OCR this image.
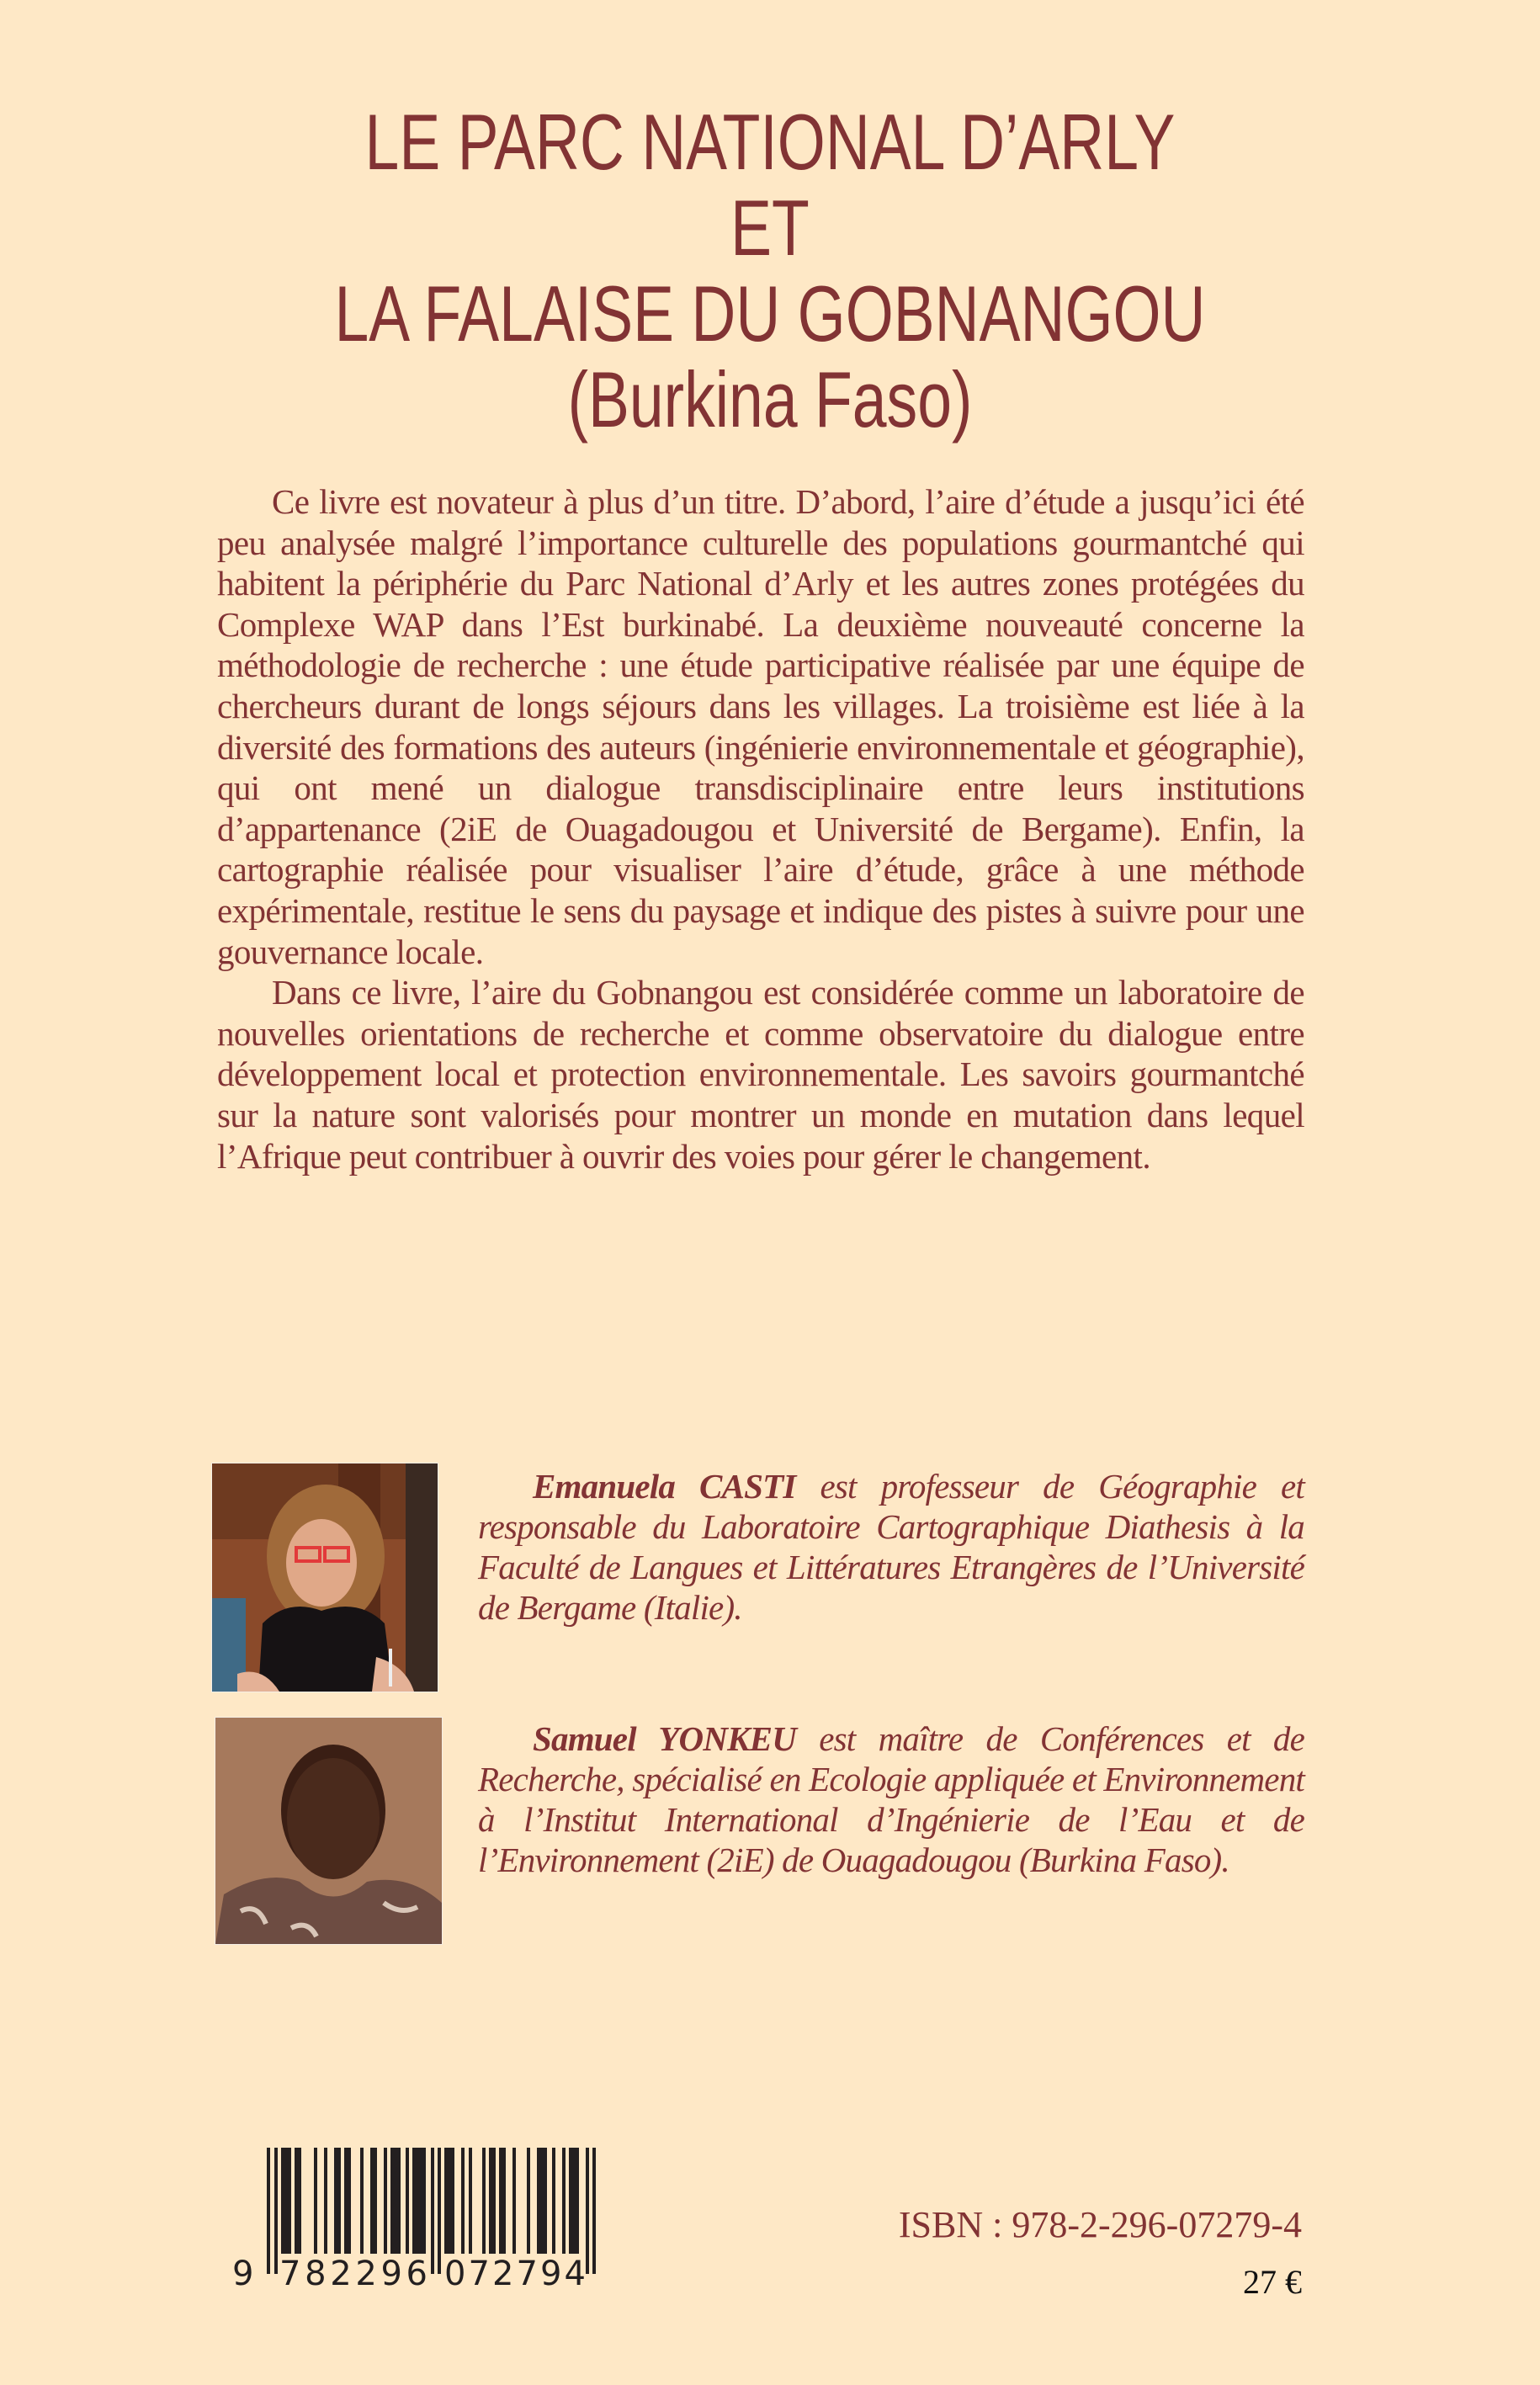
LE PARC NATIONAL D’ARLY
ET
LA FALAISE DU GOBNANGOU
(Burkina Faso)

Ce livre est novateur à plus d’un titre. D’abord, l’aire d’étude a jusqu’ici été peu analysée malgré l’importance culturelle des populations gourmantché qui habitent la périphérie du Parc National d’Arly et les autres zones protégées du Complexe WAP dans l’Est burkinabé. La deuxième nouveauté concerne la méthodologie de recherche : une étude participative réalisée par une équipe de chercheurs durant de longs séjours dans les villages. La troisième est liée à la diversité des formations des auteurs (ingénierie environnementale et géographie), qui ont mené un dialogue transdisciplinaire entre leurs institutions d’appartenance (2iE de Ouagadougou et Université de Bergame). Enfin, la cartographie réalisée pour visualiser l’aire d’étude, grâce à une méthode expérimentale, restitue le sens du paysage et indique des pistes à suivre pour une gouvernance locale.

Dans ce livre, l’aire du Gobnangou est considérée comme un laboratoire de nouvelles orientations de recherche et comme observatoire du dialogue entre développement local et protection environnementale. Les savoirs gourmantché sur la nature sont valorisés pour montrer un monde en mutation dans lequel l’Afrique peut contribuer à ouvrir des voies pour gérer le changement.

Emanuela CASTI est professeur de Géographie et responsable du Laboratoire Cartographique Diathesis à la Faculté de Langues et Littératures Etrangères de l’Université de Bergame (Italie).

Samuel YONKEU est maître de Conférences et de Recherche, spécialisé en Ecologie appliquée et Environnement à l’Institut International d’Ingénierie de l’Eau et de l’Environnement (2iE) de Ouagadougou (Burkina Faso).

9 782296 072794
ISBN : 978-2-296-07279-4
27 €
